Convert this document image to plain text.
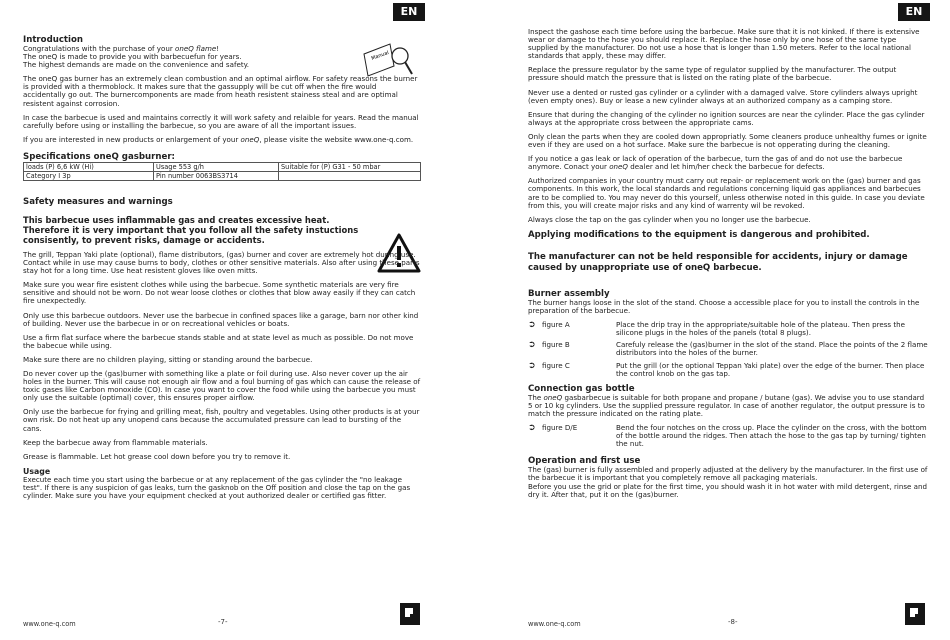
EN
Manual
Introduction

Congratulations with the purchase of your oneQ flame!
The oneQ is made to provide you with barbecuefun for years.
The highest demands are made on the convenience and safety.

The oneQ gas burner has an extremely clean combustion and an optimal airflow. For safety reasons the burner is provided with a thermoblock. It makes sure that the gassupply will be cut off when the fire would accidentally go out. The burnercomponents are made from heath resistent stainess steal and are optimal resistent against corrosion.

In case the barbecue is used and maintains correctly it will work safety and relaible for years. Read the manual carefully before using or installing the barbecue, so you are aware of all the important issues.

If you are interested in new products or enlargement of your oneQ, please visite the website www.one-q.com.

Specifications oneQ gasburner:
loads (P) 6,6 kW (Hi)	Usage 553 g/h	Suitable for (P) G31 - 50 mbar
Category I 3p	Pin number 0063BS3714	
Safety measures and warnings
This barbecue uses inflammable gas and creates excessive heat. Therefore it is very important that you follow all the safety instuctions consisently, to prevent risks, damage or accidents.

The grill, Teppan Yaki plate (optional), flame distributors, (gas) burner and cover are extremely hot during use. Contact while in use may cause burns to body, clothes or other sensitive materials. Also after using these parts stay hot for a long time. Use heat resistent gloves like oven mitts.

Make sure you wear fire esistent clothes while using the barbecue. Some synthetic materials are very fire sensitive and should not be worn. Do not wear loose clothes or clothes that blow away easily if they can catch fire unexpectedly.

Only use this barbecue outdoors. Never use the barbecue in confined spaces like a garage, barn nor other kind of building. Never use the barbecue in or on recreational vehicles or boats.

Use a firm flat surface where the barbecue stands stable and at state level as much as possible. Do not move the babecue while using.

Make sure there are no children playing, sitting or standing around the barbecue.

Do never cover up the (gas)burner with something like a plate or foil during use. Also never cover up the air holes in the burner. This will cause not enough air flow and a foul burning of gas which can cause the release of toxic gases like Carbon monoxide (CO). In case you want to cover the food while using the barbecue you must only use the suitable (optimal) cover, this ensures proper airflow.

Only use the barbecue for frying and grilling meat, fish, poultry and vegetables. Using other products is at your own risk. Do not heat up any unopend cans because the accumulated pressure can lead to bursting of the cans.

Keep the barbecue away from flammable materials.

Grease is flammable. Let hot grease cool down before you try to remove it.

Usage

Execute each time you start using the barbecue or at any replacement of the gas cylinder the "no leakage test". If there is any suspicion of gas leaks, turn the gasknob on the Off position and close the tap on the gas cylinder. Make sure you have your equipment checked at yout authorized dealer or certified gas fitter.

www.one-q.com	-7-
EN

Inspect the gashose each time before using the barbecue. Make sure that it is not kinked. If there is extensive wear or damage to the hose you should replace it. Replace the hose only by one hose of the same type supplied by the manufacturer. Do not use a hose that is longer than 1.50 meters. Refer to the local national standards that apply, these may differ.

Replace the pressure regulator by the same type of regulator supplied by the manufacturer. The output pressure should match the pressure that is listed on the rating plate of the barbecue.

Never use a dented or rusted gas cylinder or a cylinder with a damaged valve. Store cylinders always upright (even empty ones). Buy or lease a new cylinder always at an authorized company as a camping store.

Ensure that during the changing of the cylinder no ignition sources are near the cylinder. Place the gas cylinder always at the appropriate cross between the appropriate cams.

Only clean the parts when they are cooled down appropriatly. Some cleaners produce unhealthy fumes or ignite even if they are used on a hot surface. Make sure the barbecue is not opperating during the cleaning.

If you notice a gas leak or lack of operation of the barbecue, turn the gas of and do not use the barbecue anymore. Conact your oneQ dealer and let him/her check the barbecue for defects.

Authorized companies in your country must carry out repair- or replacement work on the (gas) burner and gas components. In this work, the local standards and regulations concerning liquid gas appliances and barbecues are to be complied to. You may never do this yourself, unless otherwise noted in this guide. In case you deviate from this, you will create major risks and any kind of warrenty wil be revoked.

Always close the tap on the gas cylinder when you no longer use the barbecue.

Applying modifications to the equipment is dangerous and prohibited.
The manufacturer can not be held responsible for accidents, injury or damage caused by unappropriate use of oneQ barbecue.
Burner assembly

The burner hangs loose in the slot of the stand. Choose a accessible place for you to install the controls in the preparation of the barbecue.

➲ figure A	Place the drip tray in the appropriate/suitable hole of the plateau. Then press the silicone plugs in the holes of the panels (total 8 plugs).
➲ figure B	Carefuly release the (gas)burner in the slot of the stand. Place the points of the 2 flame distributors into the holes of the burner.
➲ figure C	Put the grill (or the optional Teppan Yaki plate) over the edge of the burner. Then place the control knob on the gas tap.
Connection gas bottle

The oneQ gasbarbecue is suitable for both propane and propane / butane (gas). We advise you to use standard 5 or 10 kg cylinders. Use the supplied pressure regulator. In case of another regulator, the output pressure is to match the pressure indicated on the rating plate.

➲ figure D/E	Bend the four notches on the cross up. Place the cylinder on the cross, with the bottom of the bottle around the ridges. Then attach the hose to the gas tap by turning/ tighten the nut.
Operation and first use

The (gas) burner is fully assembled and properly adjusted at the delivery by the manufacturer. In the first use of the barbecue it is important that you completely remove all packaging materials.
Before you use the grid or plate for the first time, you should wash it in hot water with mild detergent, rinse and dry it. After that, put it on the (gas)burner.

www.one-q.com	-8-
